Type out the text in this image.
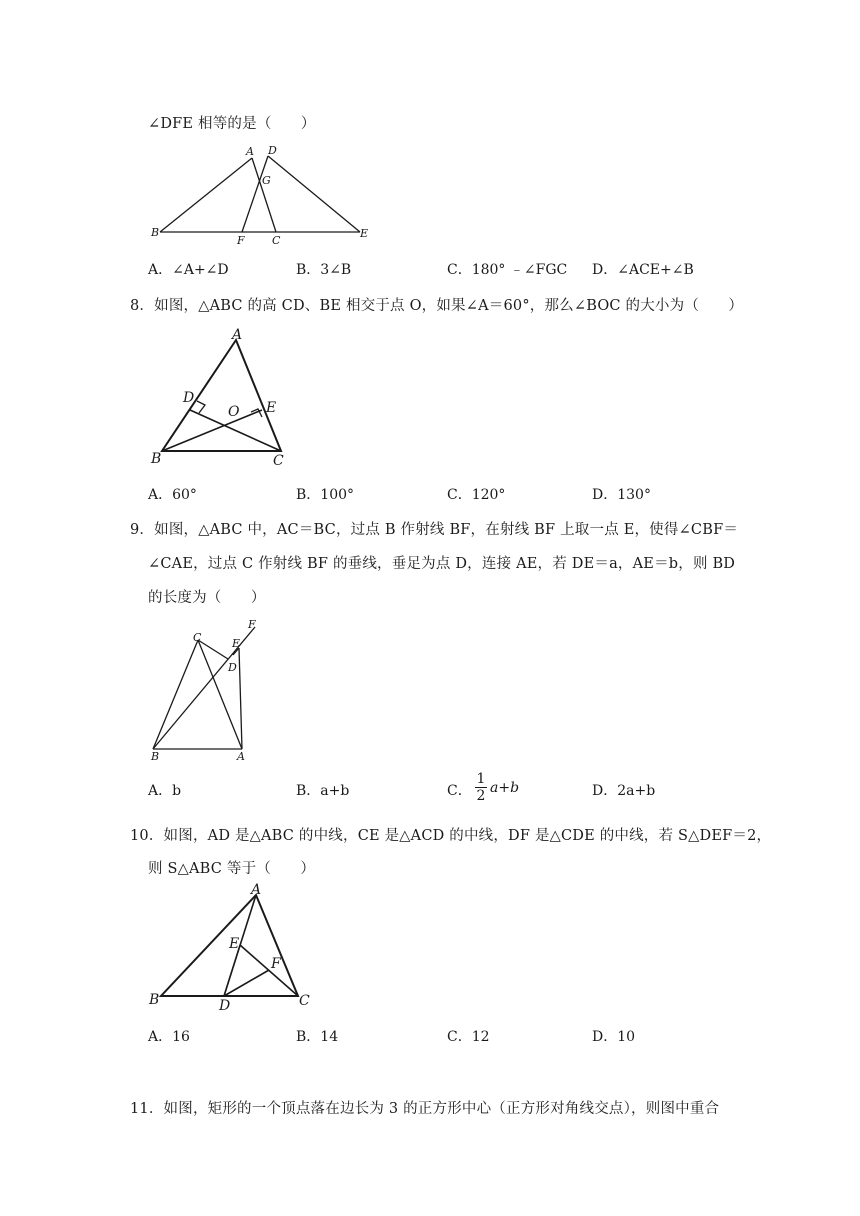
∠DFE 相等的是（　　）
A D
G
B
F C
E
A．∠A+∠D	B．3∠B	C．180° ﹣∠FGC D．∠ACE+∠B
8．如图，△ABC 的高 CD、BE 相交于点 O，如果∠A＝60°，那么∠BOC 的大小为（　　）
A
D
O E
B	C
A．60°	B．100°	C．120°	D．130°
9．如图，△ABC 中，AC＝BC，过点 B 作射线 BF，在射线 BF 上取一点 E，使得∠CBF＝
∠CAE，过点 C 作射线 BF 的垂线，垂足为点 D，连接 AE，若 DE＝a，AE＝b，则 BD
的长度为（　　）
C	E
F
D
B	A
A．b	B．a+b	C．
1
2 a+b	D．2a+b
10．如图，AD 是△ABC 的中线，CE 是△ACD 的中线，DF 是△CDE 的中线，若 S△DEF＝2，
则 S△ABC 等于（　　）
A
E
F
B	D	C
A．16	B．14	C．12	D．10
11．如图，矩形的一个顶点落在边长为 3 的正方形中心（正方形对角线交点），则图中重合
